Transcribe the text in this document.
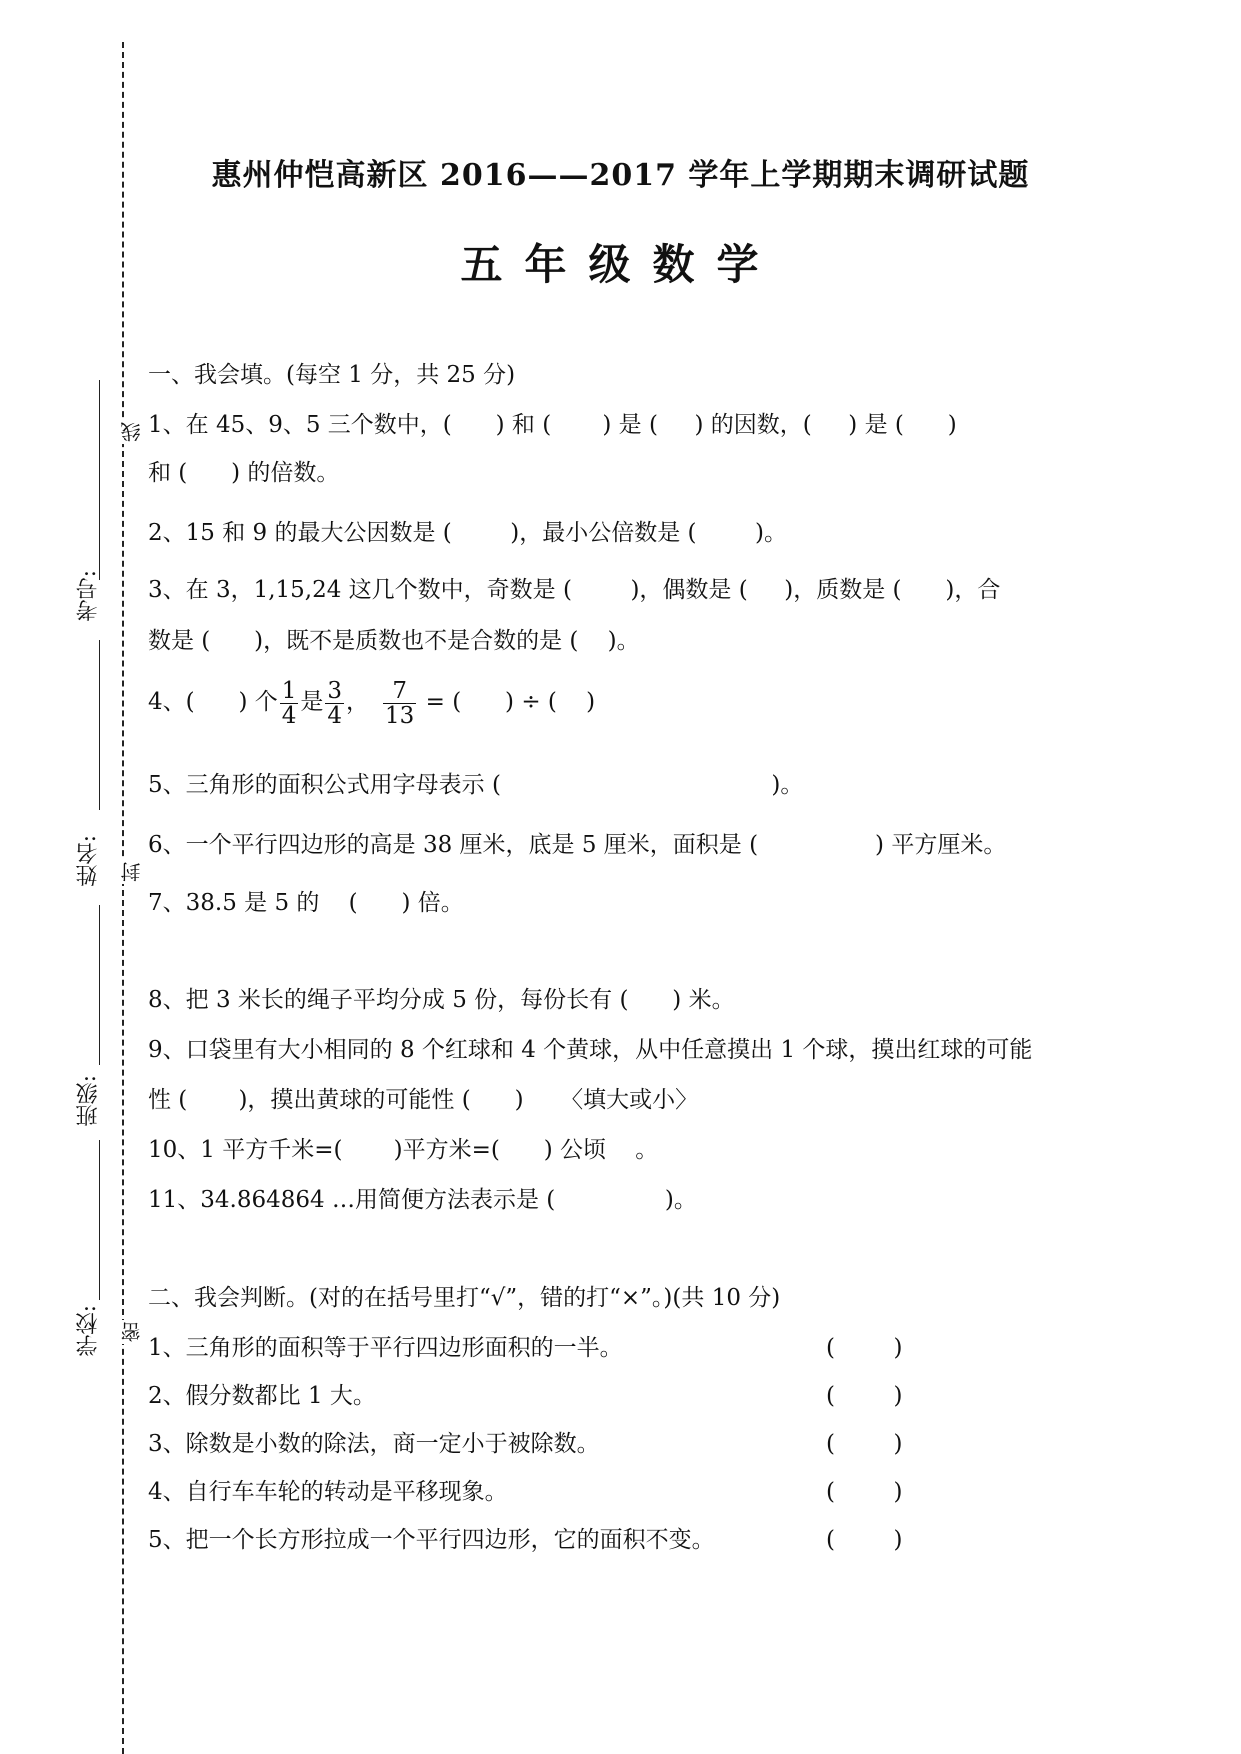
考号:
姓名:
班级:
学校:
线
封
密
惠州仲恺高新区 2016——2017 学年上学期期末调研试题
五年级数学
一、我会填。(每空 1 分，共 25 分)
1、在 45、9、5 三个数中，(      ) 和 (       ) 是 (     ) 的因数，(     ) 是 (      )
和 (      ) 的倍数。
2、15 和 9 的最大公因数是 (        )，最小公倍数是 (        )。
3、在 3，1,15,24 这几个数中，奇数是 (        )，偶数是 (     )，质数是 (      )，合
数是 (      )，既不是质数也不是合数的是 (    )。
4、(      ) 个 $\frac{1}{4}$ 是 $\frac{3}{4}$ ， $\frac{7}{13}$ = (      ) ÷ (    )
5、三角形的面积公式用字母表示 (                                     )。
6、一个平行四边形的高是 38 厘米，底是 5 厘米，面积是 (                ) 平方厘米。
7、38.5 是 5 的    (      ) 倍。
8、把 3 米长的绳子平均分成 5 份，每份长有 (      ) 米。
9、口袋里有大小相同的 8 个红球和 4 个黄球，从中任意摸出 1 个球，摸出红球的可能
性 (       )，摸出黄球的可能性 (      )     〈填大或小〉
10、1 平方千米=(       )平方米=(      ) 公顷    。
11、34.864864 …用简便方法表示是 (               )。
二、我会判断。(对的在括号里打“√”，错的打“×”。)(共 10 分)
1、三角形的面积等于平行四边形面积的一半。	(        )
2、假分数都比 1 大。	(        )
3、除数是小数的除法，商一定小于被除数。	(        )
4、自行车车轮的转动是平移现象。	(        )
5、把一个长方形拉成一个平行四边形，它的面积不变。	(        )
